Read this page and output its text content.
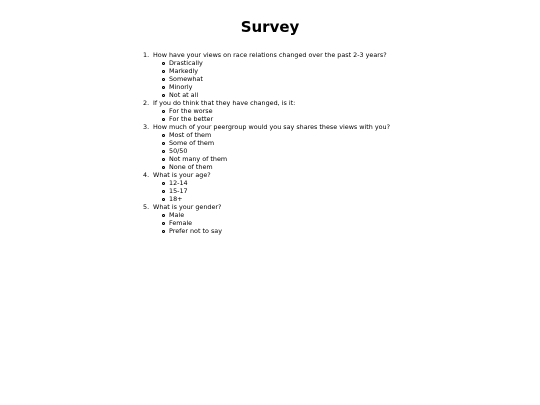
Survey
1. How have your views on race relations changed over the past 2-3 years?
Drastically
Markedly
Somewhat
Minorly
Not at all
2. If you do think that they have changed, is it:
For the worse
For the better
3. How much of your peergroup would you say shares these views with you?
Most of them
Some of them
50/50
Not many of them
None of them
4. What is your age?
12-14
15-17
18+
5. What is your gender?
Male
Female
Prefer not to say
